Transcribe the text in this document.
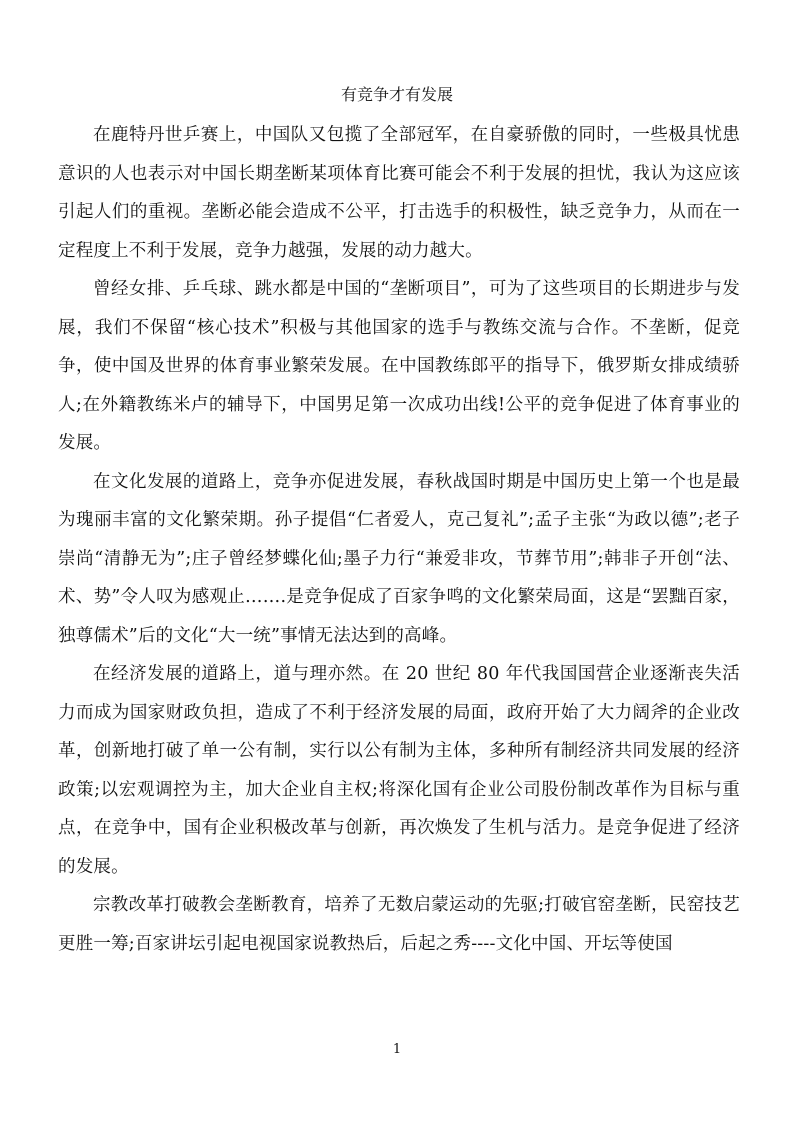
有竞争才有发展

在鹿特丹世乒赛上，中国队又包揽了全部冠军，在自豪骄傲的同时，一些极具忧患意识的人也表示对中国长期垄断某项体育比赛可能会不利于发展的担忧，我认为这应该引起人们的重视。垄断必能会造成不公平，打击选手的积极性，缺乏竞争力，从而在一定程度上不利于发展，竞争力越强，发展的动力越大。

曾经女排、乒乓球、跳水都是中国的“垄断项目”，可为了这些项目的长期进步与发展，我们不保留“核心技术”积极与其他国家的选手与教练交流与合作。不垄断，促竞争，使中国及世界的体育事业繁荣发展。在中国教练郎平的指导下，俄罗斯女排成绩骄人;在外籍教练米卢的辅导下，中国男足第一次成功出线!公平的竞争促进了体育事业的发展。

在文化发展的道路上，竞争亦促进发展，春秋战国时期是中国历史上第一个也是最为瑰丽丰富的文化繁荣期。孙子提倡“仁者爱人，克己复礼”;孟子主张“为政以德”;老子崇尚“清静无为”;庄子曾经梦蝶化仙;墨子力行“兼爱非攻，节葬节用”;韩非子开创“法、术、势”令人叹为感观止…….是竞争促成了百家争鸣的文化繁荣局面，这是“罢黜百家，独尊儒术”后的文化“大一统”事情无法达到的高峰。

在经济发展的道路上，道与理亦然。在 20 世纪 80 年代我国国营企业逐渐丧失活力而成为国家财政负担，造成了不利于经济发展的局面，政府开始了大力阔斧的企业改革，创新地打破了单一公有制，实行以公有制为主体，多种所有制经济共同发展的经济政策;以宏观调控为主，加大企业自主权;将深化国有企业公司股份制改革作为目标与重点，在竞争中，国有企业积极改革与创新，再次焕发了生机与活力。是竞争促进了经济的发展。

宗教改革打破教会垄断教育，培养了无数启蒙运动的先驱;打破官窑垄断，民窑技艺更胜一筹;百家讲坛引起电视国家说教热后，后起之秀----文化中国、开坛等使国

1
